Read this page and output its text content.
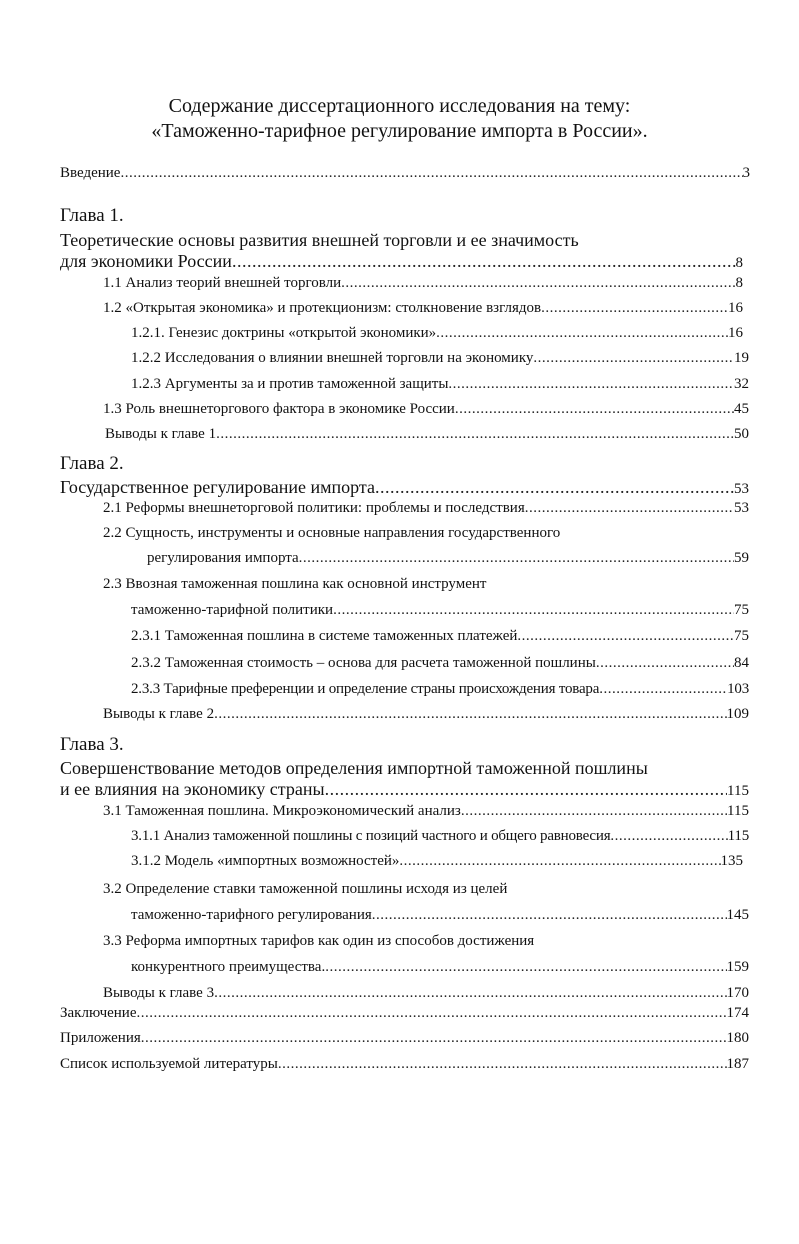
Содержание диссертационного исследования на тему:
«Таможенно-тарифное регулирование импорта в России».
Введение .....	3
Глава 1.
Теоретические основы развития внешней торговли и ее значимость
для экономики России .....	8
1.1 Анализ теорий внешней торговли .....	8
1.2 «Открытая экономика» и протекционизм: столкновение взглядов .....	16
1.2.1. Генезис доктрины «открытой экономики» .....	16
1.2.2 Исследования о влиянии внешней торговли на экономику .....	19
1.2.3 Аргументы за и против таможенной защиты .....	32
1.3 Роль внешнеторгового фактора в экономике России .....	45
Выводы к главе 1 .....	50
Глава 2.
Государственное регулирование импорта .....	53
2.1 Реформы внешнеторговой политики: проблемы и последствия .....	53
2.2 Сущность, инструменты и основные направления государственного
регулирования импорта .....	59
2.3 Ввозная таможенная пошлина как основной инструмент
таможенно-тарифной политики .....	75
2.3.1 Таможенная пошлина в системе таможенных платежей .....	75
2.3.2 Таможенная стоимость – основа для расчета таможенной пошлины .....	84
2.3.3 Тарифные преференции и определение страны происхождения товара .....	103
Выводы к главе 2 .....	109
Глава 3.
Совершенствование методов определения импортной таможенной пошлины
и ее влияния на экономику страны .....	115
3.1 Таможенная пошлина. Микроэкономический анализ .....	115
3.1.1 Анализ таможенной пошлины с позиций частного и общего равновесия .....	115
3.1.2 Модель «импортных возможностей» .....	135
3.2 Определение ставки таможенной пошлины исходя из целей
таможенно-тарифного регулирования .....	145
3.3 Реформа импортных тарифов как один из способов достижения
конкурентного преимущества. .....	159
Выводы к главе 3 .....	170
Заключение .....	174
Приложения .....	180
Список используемой литературы .....	187
